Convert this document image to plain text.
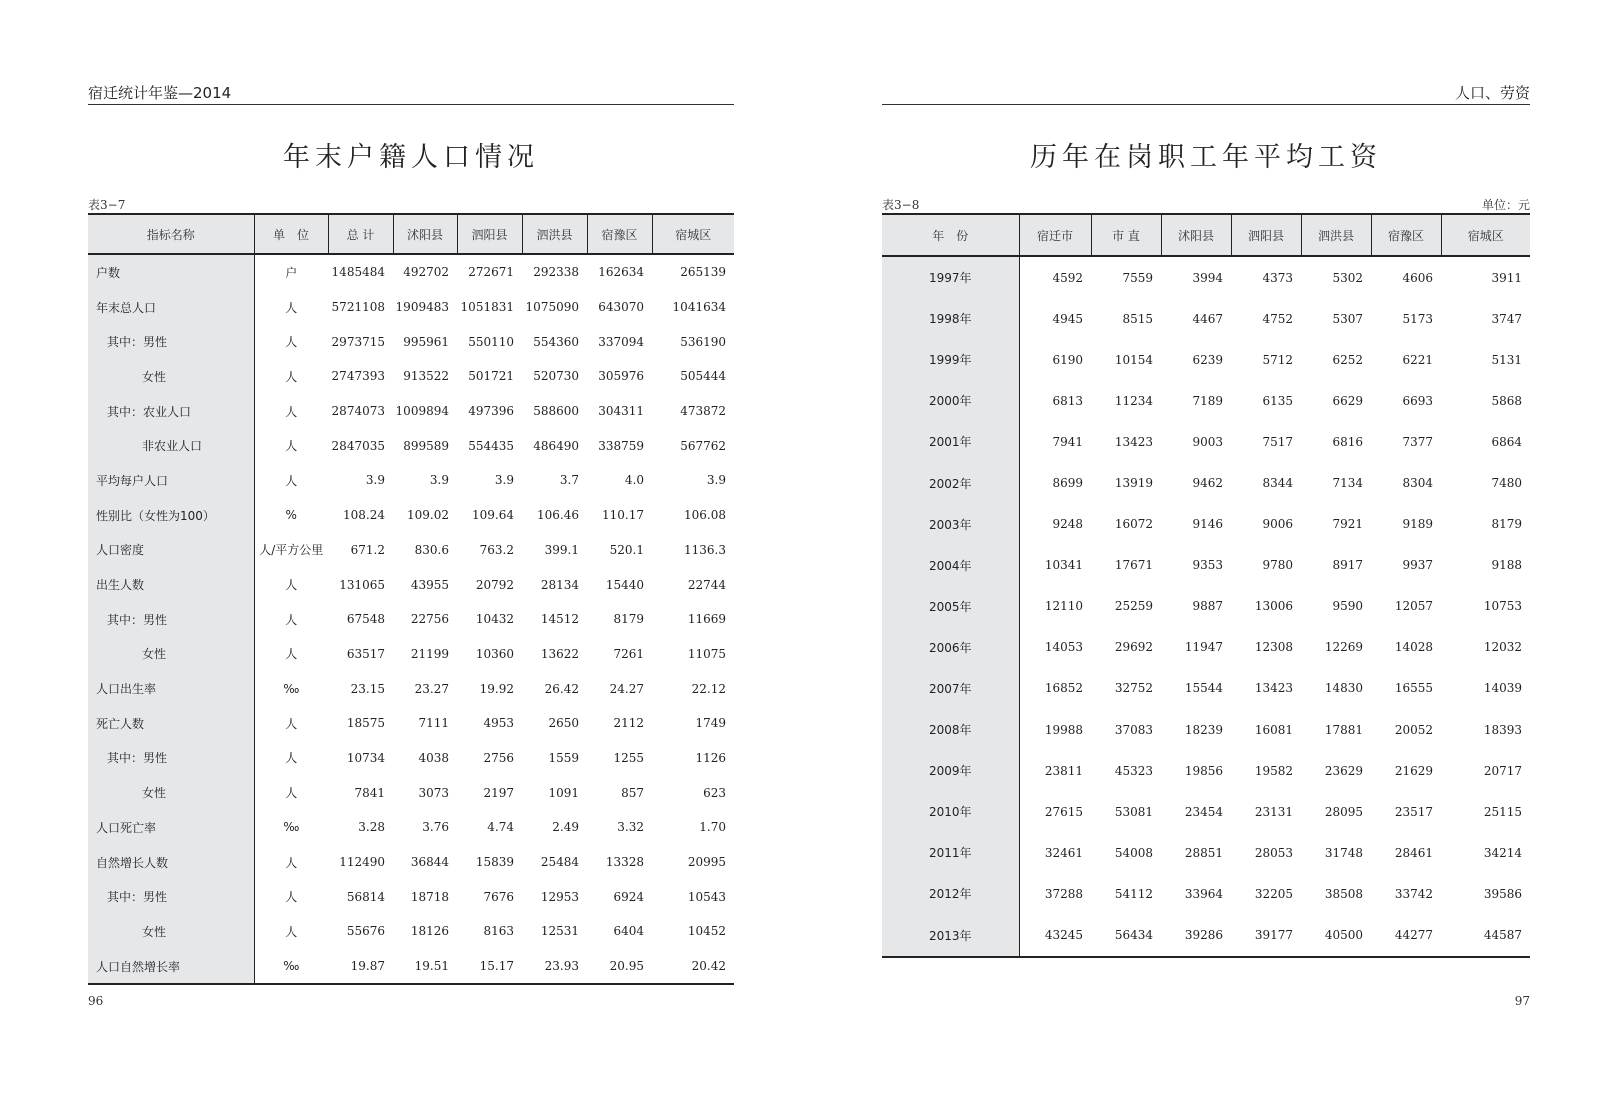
宿迁统计年鉴—2014
年末户籍人口情况
表3−7
指标名称	单　位	总 计	沭阳县	泗阳县	泗洪县	宿豫区	宿城区
户数	户	1485484	492702	272671	292338	162634	265139
年末总人口	人	5721108	1909483	1051831	1075090	643070	1041634
其中：男性	人	2973715	995961	550110	554360	337094	536190
女性	人	2747393	913522	501721	520730	305976	505444
其中：农业人口	人	2874073	1009894	497396	588600	304311	473872
非农业人口	人	2847035	899589	554435	486490	338759	567762
平均每户人口	人	3.9	3.9	3.9	3.7	4.0	3.9
性别比（女性为100）	%	108.24	109.02	109.64	106.46	110.17	106.08
人口密度	人/平方公里	671.2	830.6	763.2	399.1	520.1	1136.3
出生人数	人	131065	43955	20792	28134	15440	22744
其中：男性	人	67548	22756	10432	14512	8179	11669
女性	人	63517	21199	10360	13622	7261	11075
人口出生率	‰	23.15	23.27	19.92	26.42	24.27	22.12
死亡人数	人	18575	7111	4953	2650	2112	1749
其中：男性	人	10734	4038	2756	1559	1255	1126
女性	人	7841	3073	2197	1091	857	623
人口死亡率	‰	3.28	3.76	4.74	2.49	3.32	1.70
自然增长人数	人	112490	36844	15839	25484	13328	20995
其中：男性	人	56814	18718	7676	12953	6924	10543
女性	人	55676	18126	8163	12531	6404	10452
人口自然增长率	‰	19.87	19.51	15.17	23.93	20.95	20.42
96
人口、劳资
历年在岗职工年平均工资
表3−8	单位：元
年　份	宿迁市	市 直	沭阳县	泗阳县	泗洪县	宿豫区	宿城区
1997年	4592	7559	3994	4373	5302	4606	3911
1998年	4945	8515	4467	4752	5307	5173	3747
1999年	6190	10154	6239	5712	6252	6221	5131
2000年	6813	11234	7189	6135	6629	6693	5868
2001年	7941	13423	9003	7517	6816	7377	6864
2002年	8699	13919	9462	8344	7134	8304	7480
2003年	9248	16072	9146	9006	7921	9189	8179
2004年	10341	17671	9353	9780	8917	9937	9188
2005年	12110	25259	9887	13006	9590	12057	10753
2006年	14053	29692	11947	12308	12269	14028	12032
2007年	16852	32752	15544	13423	14830	16555	14039
2008年	19988	37083	18239	16081	17881	20052	18393
2009年	23811	45323	19856	19582	23629	21629	20717
2010年	27615	53081	23454	23131	28095	23517	25115
2011年	32461	54008	28851	28053	31748	28461	34214
2012年	37288	54112	33964	32205	38508	33742	39586
2013年	43245	56434	39286	39177	40500	44277	44587
97
